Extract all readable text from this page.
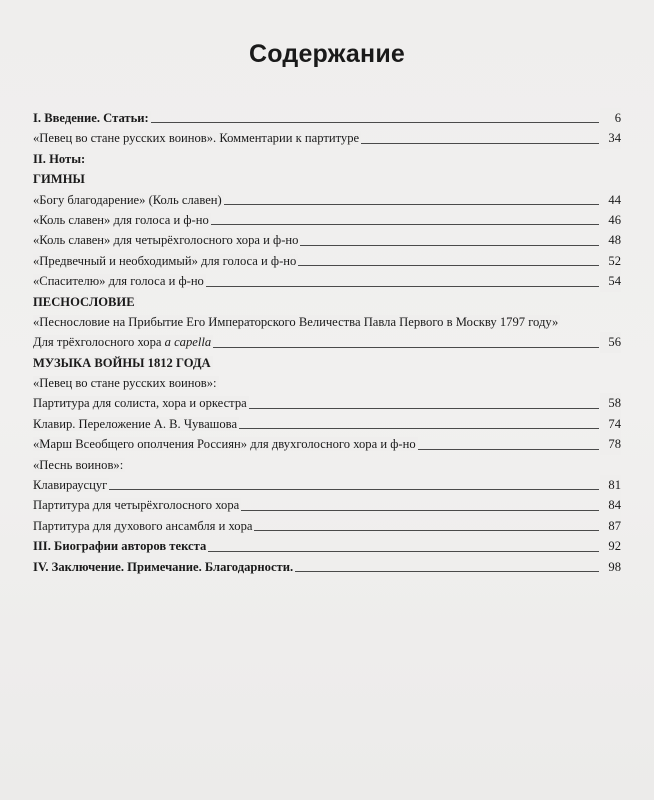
Содержание
I. Введение. Статьи:	6
«Певец во стане русских воинов». Комментарии к партитуре	34
II. Ноты:
ГИМНЫ
«Богу благодарение» (Коль славен)	44
«Коль славен» для голоса и ф-но	46
«Коль славен» для четырёхголосного хора и ф-но	48
«Предвечный и необходимый» для голоса и ф-но	52
«Спасителю» для голоса и ф-но	54
ПЕСНОСЛОВИЕ
«Песнословие на Прибытие Его Императорского Величества Павла Первого в Москву 1797 году»
Для трёхголосного хора a capella	56
МУЗЫКА ВОЙНЫ 1812 ГОДА
«Певец во стане русских воинов»:
Партитура для солиста, хора и оркестра	58
Клавир. Переложение А. В. Чувашова	74
«Марш Всеобщего ополчения Россиян» для двухголосного хора и ф-но	78
«Песнь воинов»:
Клавираусцуг	81
Партитура для четырёхголосного хора	84
Партитура для духового ансамбля и хора	87
III. Биографии авторов текста	92
IV. Заключение. Примечание. Благодарности.	98
